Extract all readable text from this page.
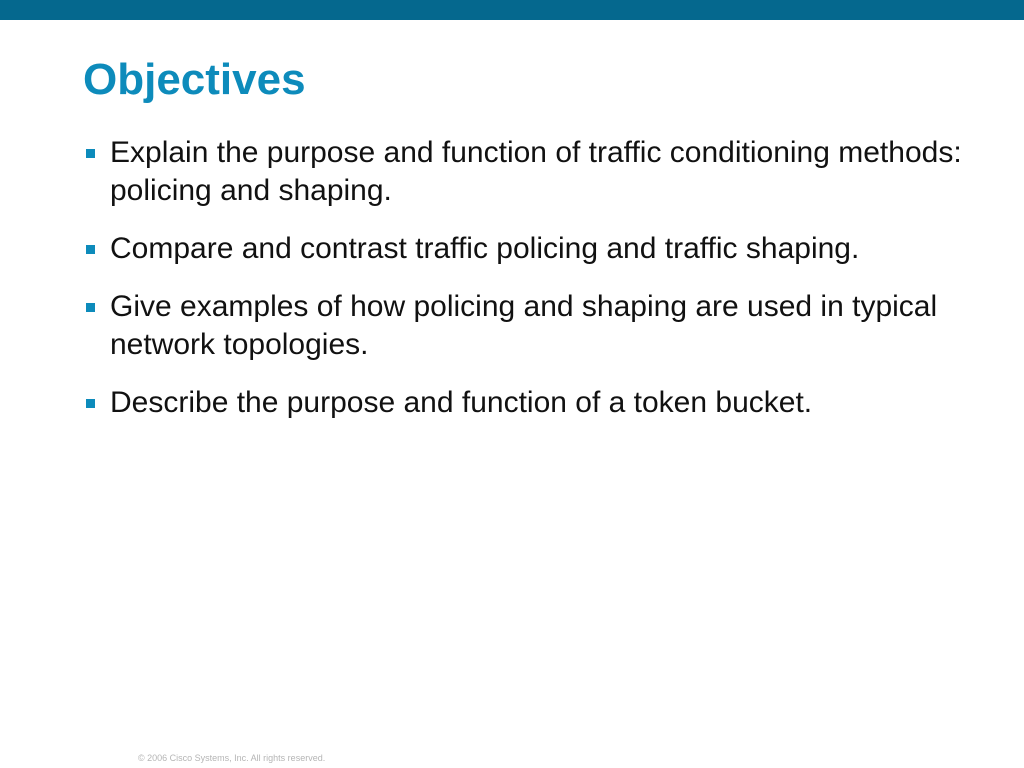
Objectives
Explain the purpose and function of traffic conditioning methods: policing and shaping.
Compare and contrast traffic policing and traffic shaping.
Give examples of how policing and shaping are used in typical network topologies.
Describe the purpose and function of a token bucket.

© 2006 Cisco Systems, Inc. All rights reserved.
